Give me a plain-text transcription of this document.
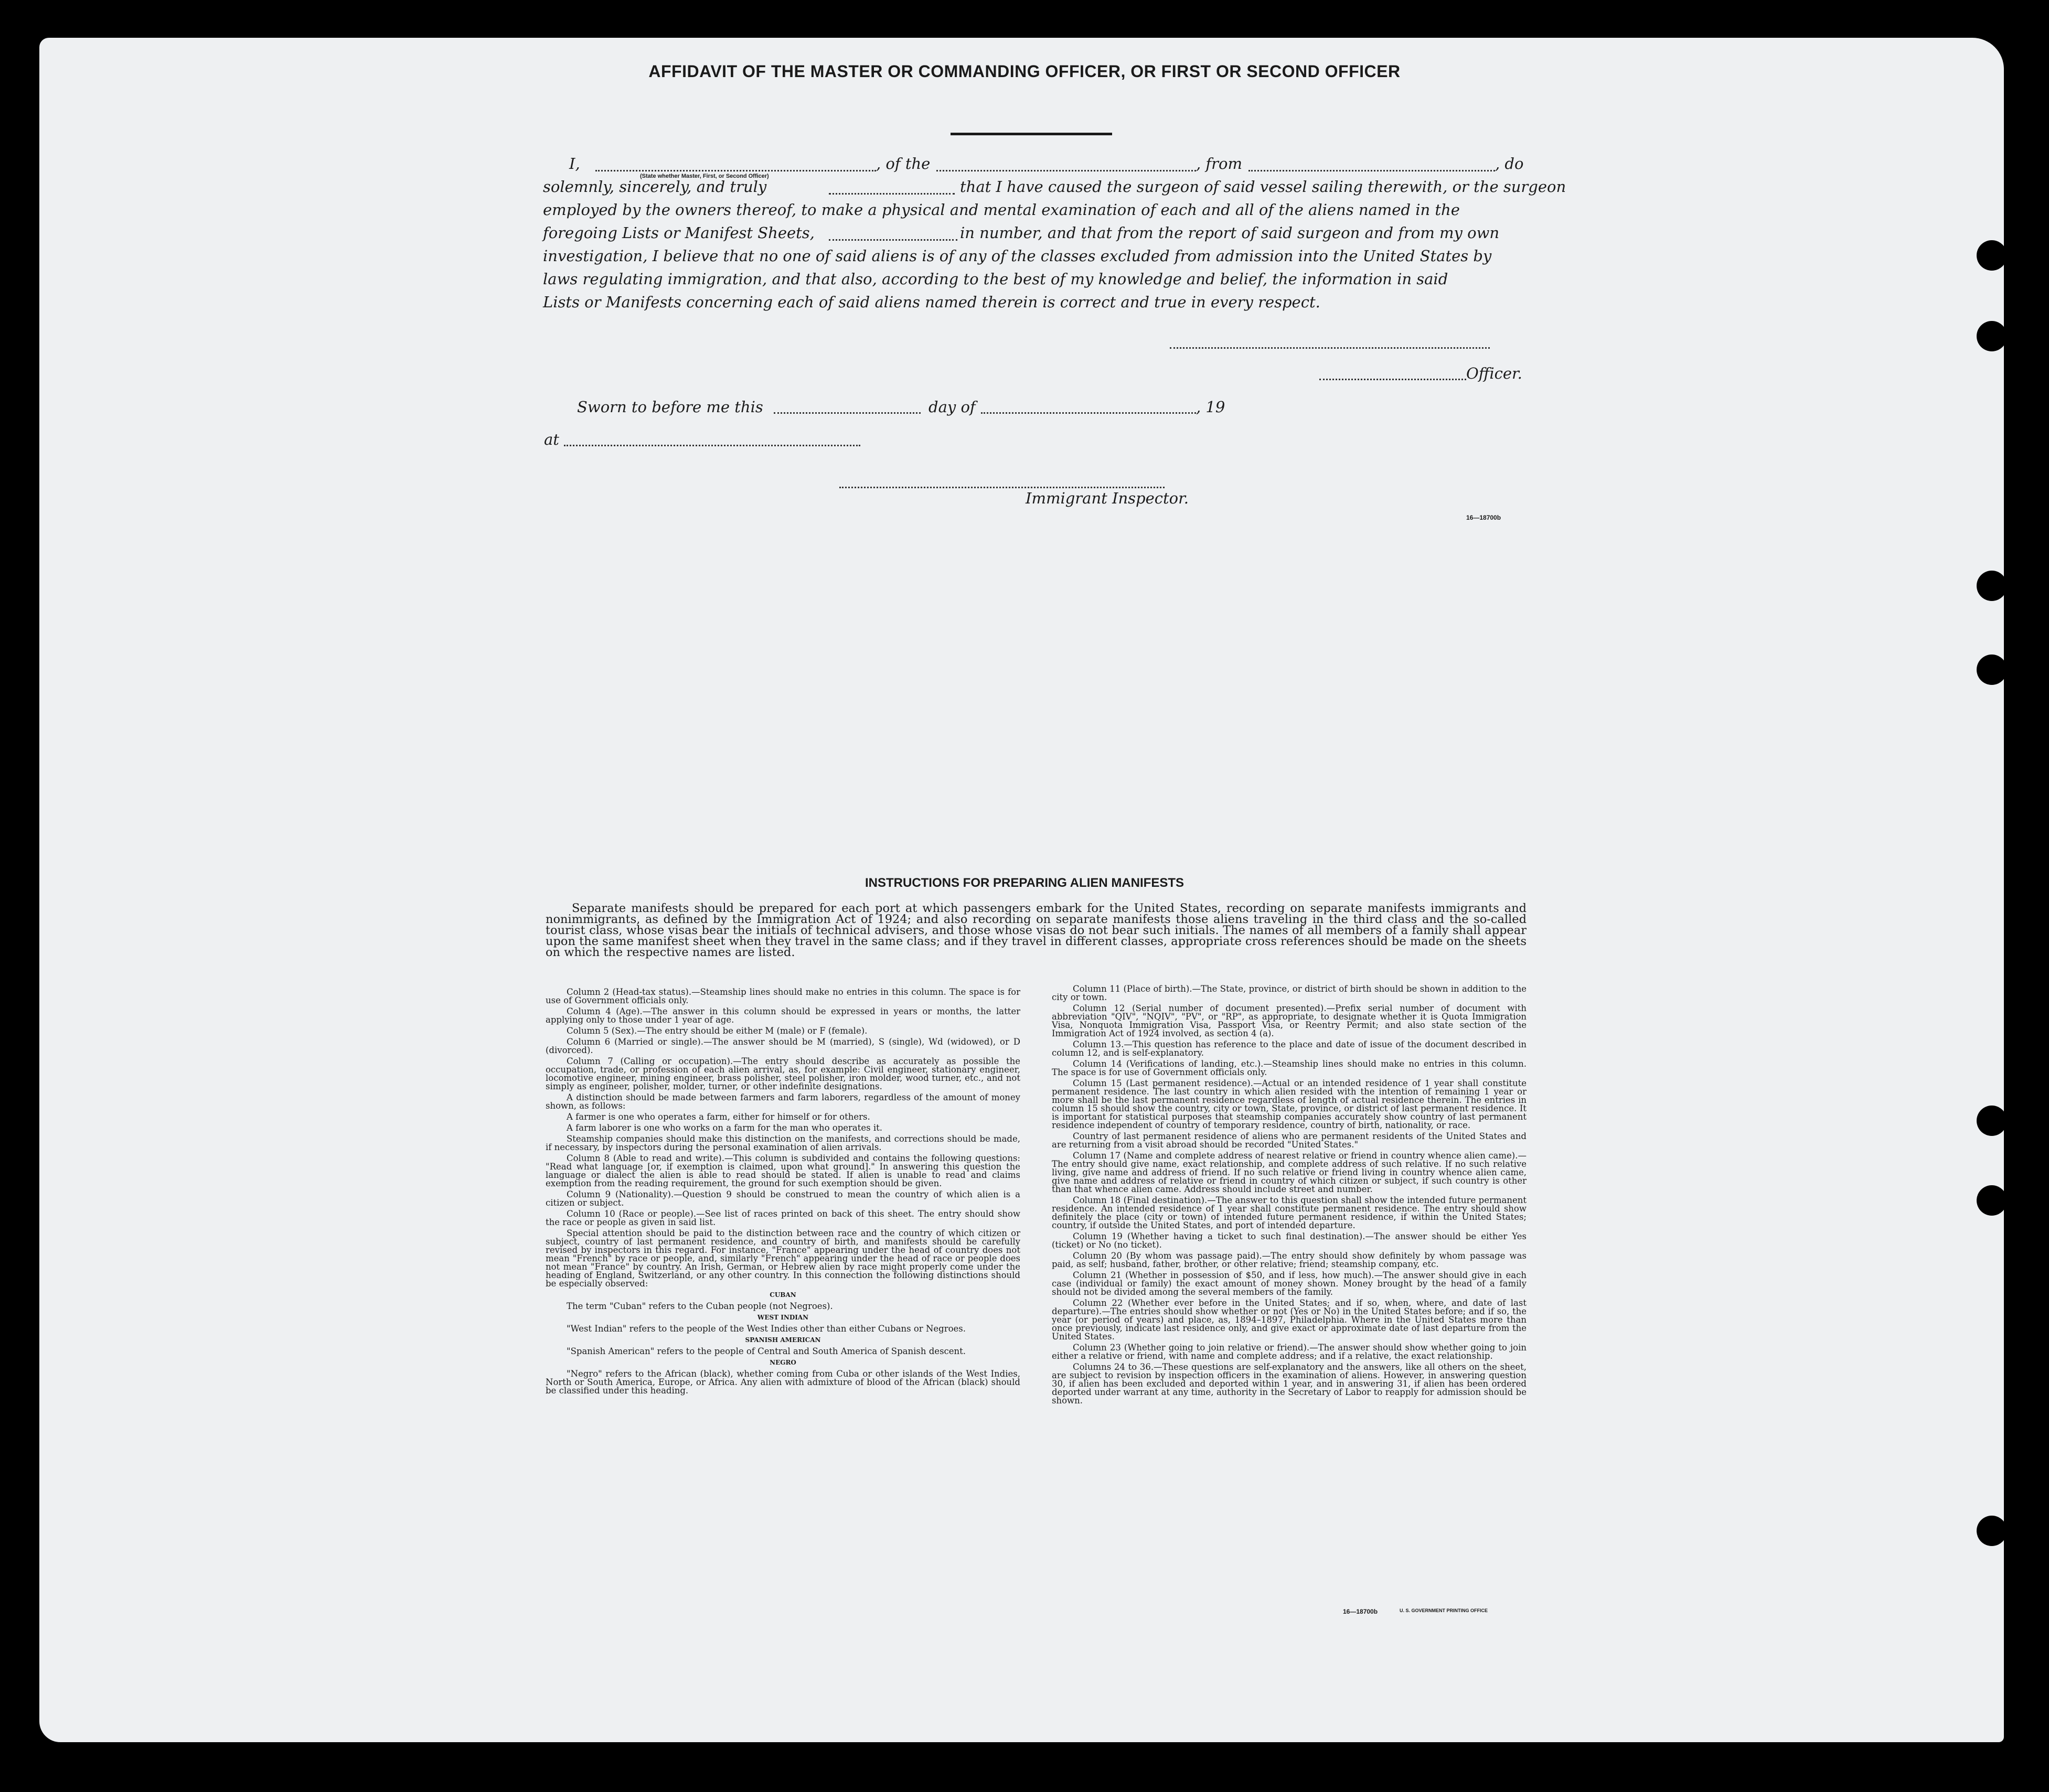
AFFIDAVIT OF THE MASTER OR COMMANDING OFFICER, OR FIRST OR SECOND OFFICER
I,
(State whether Master, First, or Second Officer)
, of the	, from	, do
solemnly, sincerely, and truly	that I have caused the surgeon of said vessel sailing therewith, or the surgeon
employed by the owners thereof, to make a physical and mental examination of each and all of the aliens named in the
foregoing Lists or Manifest Sheets,	in number, and that from the report of said surgeon and from my own
investigation, I believe that no one of said aliens is of any of the classes excluded from admission into the United States by
laws regulating immigration, and that also, according to the best of my knowledge and belief, the information in said
Lists or Manifests concerning each of said aliens named therein is correct and true in every respect.
Officer.
Sworn to before me this	day of	, 19
at
Immigrant Inspector.
16—18700b
INSTRUCTIONS FOR PREPARING ALIEN MANIFESTS
Separate manifests should be prepared for each port at which passengers embark for the United States, recording on separate manifests immigrants and nonimmigrants, as defined by the Immigration Act of 1924; and also recording on separate manifests those aliens traveling in the third class and the so-called tourist class, whose visas bear the initials of technical advisers, and those whose visas do not bear such initials. The names of all members of a family shall appear upon the same manifest sheet when they travel in the same class; and if they travel in different classes, appropriate cross references should be made on the sheets on which the respective names are listed.

Column 2 (Head-tax status).—Steamship lines should make no entries in this column. The space is for use of Government officials only.

Column 4 (Age).—The answer in this column should be expressed in years or months, the latter applying only to those under 1 year of age.

Column 5 (Sex).—The entry should be either M (male) or F (female).

Column 6 (Married or single).—The answer should be M (married), S (single), Wd (widowed), or D (divorced).

Column 7 (Calling or occupation).—The entry should describe as accurately as possible the occupation, trade, or profession of each alien arrival, as, for example: Civil engineer, stationary engineer, locomotive engineer, mining engineer, brass polisher, steel polisher, iron molder, wood turner, etc., and not simply as engineer, polisher, molder, turner, or other indefinite designations.

A distinction should be made between farmers and farm laborers, regardless of the amount of money shown, as follows:

A farmer is one who operates a farm, either for himself or for others.

A farm laborer is one who works on a farm for the man who operates it.

Steamship companies should make this distinction on the manifests, and corrections should be made, if necessary, by inspectors during the personal examination of alien arrivals.

Column 8 (Able to read and write).—This column is subdivided and contains the following questions: "Read what language [or, if exemption is claimed, upon what ground]." In answering this question the language or dialect the alien is able to read should be stated. If alien is unable to read and claims exemption from the reading requirement, the ground for such exemption should be given.

Column 9 (Nationality).—Question 9 should be construed to mean the country of which alien is a citizen or subject.

Column 10 (Race or people).—See list of races printed on back of this sheet. The entry should show the race or people as given in said list.

Special attention should be paid to the distinction between race and the country of which citizen or subject, country of last permanent residence, and country of birth, and manifests should be carefully revised by inspectors in this regard. For instance, "France" appearing under the head of country does not mean "French" by race or people, and, similarly "French" appearing under the head of race or people does not mean "France" by country. An Irish, German, or Hebrew alien by race might properly come under the heading of England, Switzerland, or any other country. In this connection the following distinctions should be especially observed:

CUBAN

The term "Cuban" refers to the Cuban people (not Negroes).

WEST INDIAN

"West Indian" refers to the people of the West Indies other than either Cubans or Negroes.

SPANISH AMERICAN

"Spanish American" refers to the people of Central and South America of Spanish descent.

NEGRO

"Negro" refers to the African (black), whether coming from Cuba or other islands of the West Indies, North or South America, Europe, or Africa. Any alien with admixture of blood of the African (black) should be classified under this heading.

Column 11 (Place of birth).—The State, province, or district of birth should be shown in addition to the city or town.

Column 12 (Serial number of document presented).—Prefix serial number of document with abbreviation "QIV", "NQIV", "PV", or "RP", as appropriate, to designate whether it is Quota Immigration Visa, Nonquota Immigration Visa, Passport Visa, or Reentry Permit; and also state section of the Immigration Act of 1924 involved, as section 4 (a).

Column 13.—This question has reference to the place and date of issue of the document described in column 12, and is self-explanatory.

Column 14 (Verifications of landing, etc.).—Steamship lines should make no entries in this column. The space is for use of Government officials only.

Column 15 (Last permanent residence).—Actual or an intended residence of 1 year shall constitute permanent residence. The last country in which alien resided with the intention of remaining 1 year or more shall be the last permanent residence regardless of length of actual residence therein. The entries in column 15 should show the country, city or town, State, province, or district of last permanent residence. It is important for statistical purposes that steamship companies accurately show country of last permanent residence independent of country of temporary residence, country of birth, nationality, or race.

Country of last permanent residence of aliens who are permanent residents of the United States and are returning from a visit abroad should be recorded "United States."

Column 17 (Name and complete address of nearest relative or friend in country whence alien came).—The entry should give name, exact relationship, and complete address of such relative. If no such relative living, give name and address of friend. If no such relative or friend living in country whence alien came, give name and address of relative or friend in country of which citizen or subject, if such country is other than that whence alien came. Address should include street and number.

Column 18 (Final destination).—The answer to this question shall show the intended future permanent residence. An intended residence of 1 year shall constitute permanent residence. The entry should show definitely the place (city or town) of intended future permanent residence, if within the United States; country, if outside the United States, and port of intended departure.

Column 19 (Whether having a ticket to such final destination).—The answer should be either Yes (ticket) or No (no ticket).

Column 20 (By whom was passage paid).—The entry should show definitely by whom passage was paid, as self; husband, father, brother, or other relative; friend; steamship company, etc.

Column 21 (Whether in possession of $50, and if less, how much).—The answer should give in each case (individual or family) the exact amount of money shown. Money brought by the head of a family should not be divided among the several members of the family.

Column 22 (Whether ever before in the United States; and if so, when, where, and date of last departure).—The entries should show whether or not (Yes or No) in the United States before; and if so, the year (or period of years) and place, as, 1894–1897, Philadelphia. Where in the United States more than once previously, indicate last residence only, and give exact or approximate date of last departure from the United States.

Column 23 (Whether going to join relative or friend).—The answer should show whether going to join either a relative or friend, with name and complete address; and if a relative, the exact relationship.

Columns 24 to 36.—These questions are self-explanatory and the answers, like all others on the sheet, are subject to revision by inspection officers in the examination of aliens. However, in answering question 30, if alien has been excluded and deported within 1 year, and in answering 31, if alien has been ordered deported under warrant at any time, authority in the Secretary of Labor to reapply for admission should be shown.

16—18700b	U. S. GOVERNMENT PRINTING OFFICE
